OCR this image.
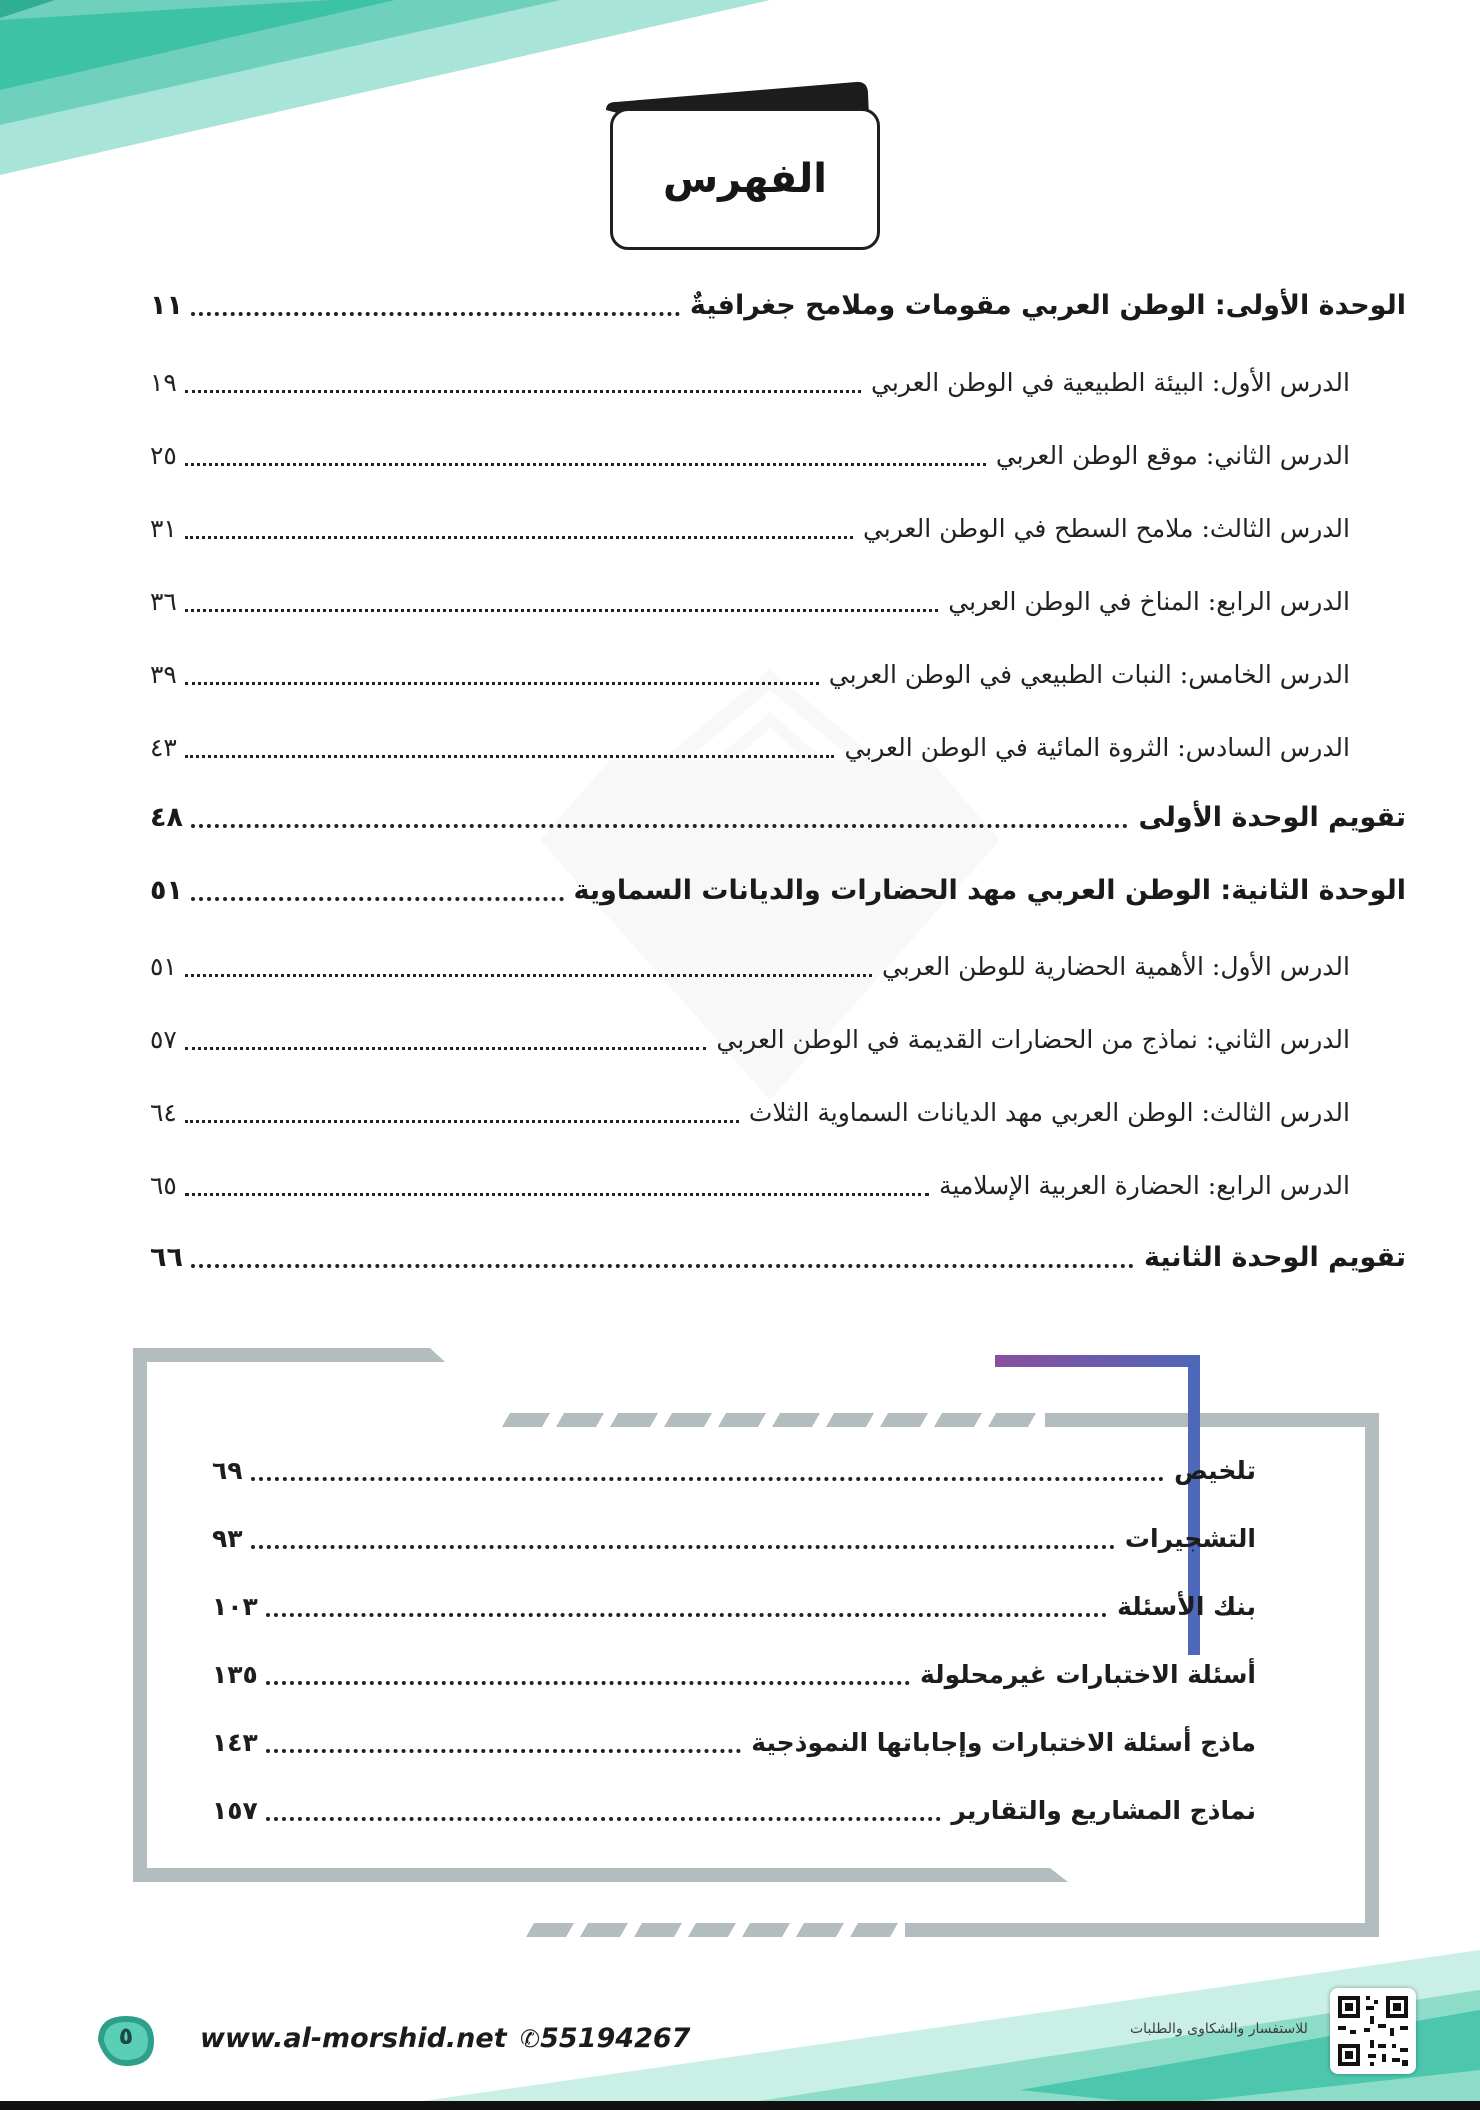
الفهرس
الوحدة الأولى: الوطن العربي مقومات وملامح جغرافيةٌ
١١
الدرس الأول: البيئة الطبيعية في الوطن العربي
١٩
الدرس الثاني: موقع الوطن العربي
٢٥
الدرس الثالث: ملامح السطح في الوطن العربي
٣١
الدرس الرابع: المناخ في الوطن العربي
٣٦
الدرس الخامس: النبات الطبيعي في الوطن العربي
٣٩
الدرس السادس: الثروة المائية في الوطن العربي
٤٣
تقويم الوحدة الأولى
٤٨
الوحدة الثانية: الوطن العربي مهد الحضارات والديانات السماوية
٥١
الدرس الأول: الأهمية الحضارية للوطن العربي
٥١
الدرس الثاني: نماذج من الحضارات القديمة في الوطن العربي
٥٧
الدرس الثالث: الوطن العربي مهد الديانات السماوية الثلاث
٦٤
الدرس الرابع: الحضارة العربية الإسلامية
٦٥
تقويم الوحدة الثانية
٦٦
تلخيص
٦٩
التشجيرات
٩٣
بنك الأسئلة
١٠٣
أسئلة الاختبارات غيرمحلولة
١٣٥
ماذج أسئلة الاختبارات وإجاباتها النموذجية
١٤٣
نماذج المشاريع والتقارير
١٥٧
٥	www.al-morshid.net ✆55194267	للاستفسار والشكاوى والطلبات
